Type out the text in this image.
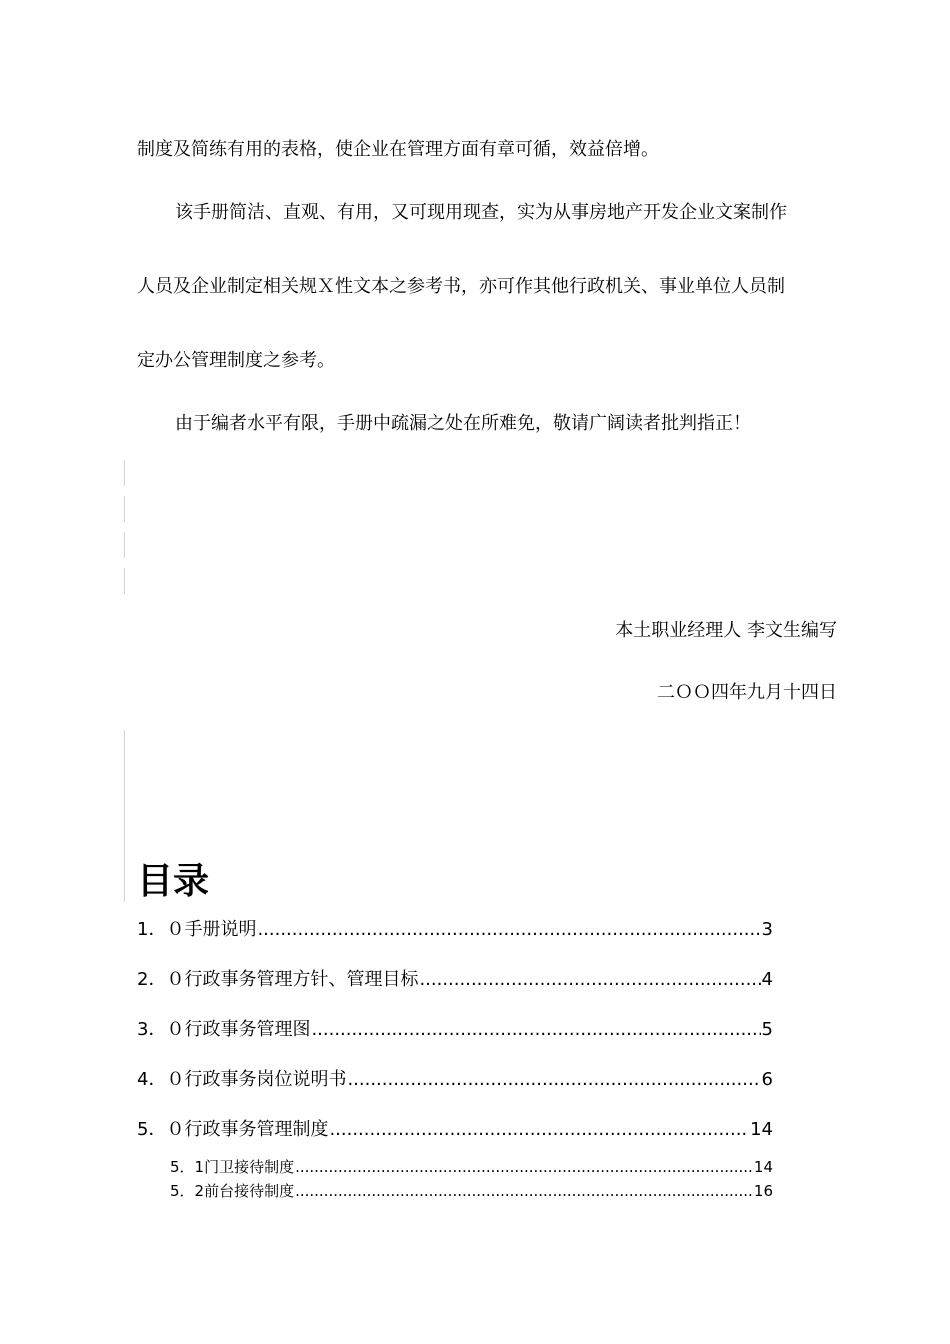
制度及简练有用的表格，使企业在管理方面有章可循，效益倍增。
该手册简洁、直观、有用，又可现用现查，实为从事房地产开发企业文案制作
人员及企业制定相关规Ｘ性文本之参考书，亦可作其他行政机关、事业单位人员制
定办公管理制度之参考。
由于编者水平有限，手册中疏漏之处在所难免，敬请广阔读者批判指正！
本土职业经理人 李文生编写
二ＯＯ四年九月十四日
目录
1．０手册说明 .....	3
2．０行政事务管理方针、管理目标 .....	4
3．０行政事务管理图 .....	5
4．０行政事务岗位说明书 .....	6
5．０行政事务管理制度 .....	14
5．1门卫接待制度 .....	14
5．2前台接待制度 .....	16
